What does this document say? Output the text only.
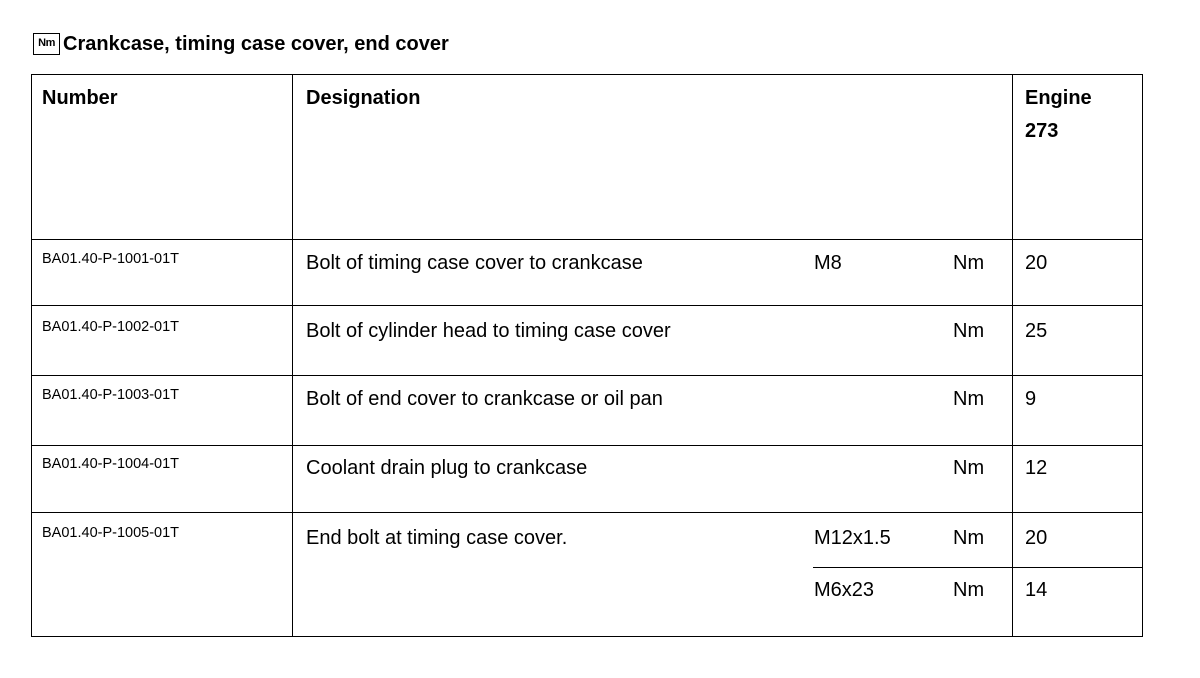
Nm Crankcase, timing case cover, end cover
Number	Designation	Engine
273
BA01.40-P-1001-01T	Bolt of timing case cover to crankcase	M8	Nm 20
BA01.40-P-1002-01T	Bolt of cylinder head to timing case cover	Nm 25
BA01.40-P-1003-01T	Bolt of end cover to crankcase or oil pan	Nm 9
BA01.40-P-1004-01T	Coolant drain plug to crankcase	Nm 12
BA01.40-P-1005-01T	End bolt at timing case cover.	M12x1.5	Nm 20
M6x23	Nm 14
